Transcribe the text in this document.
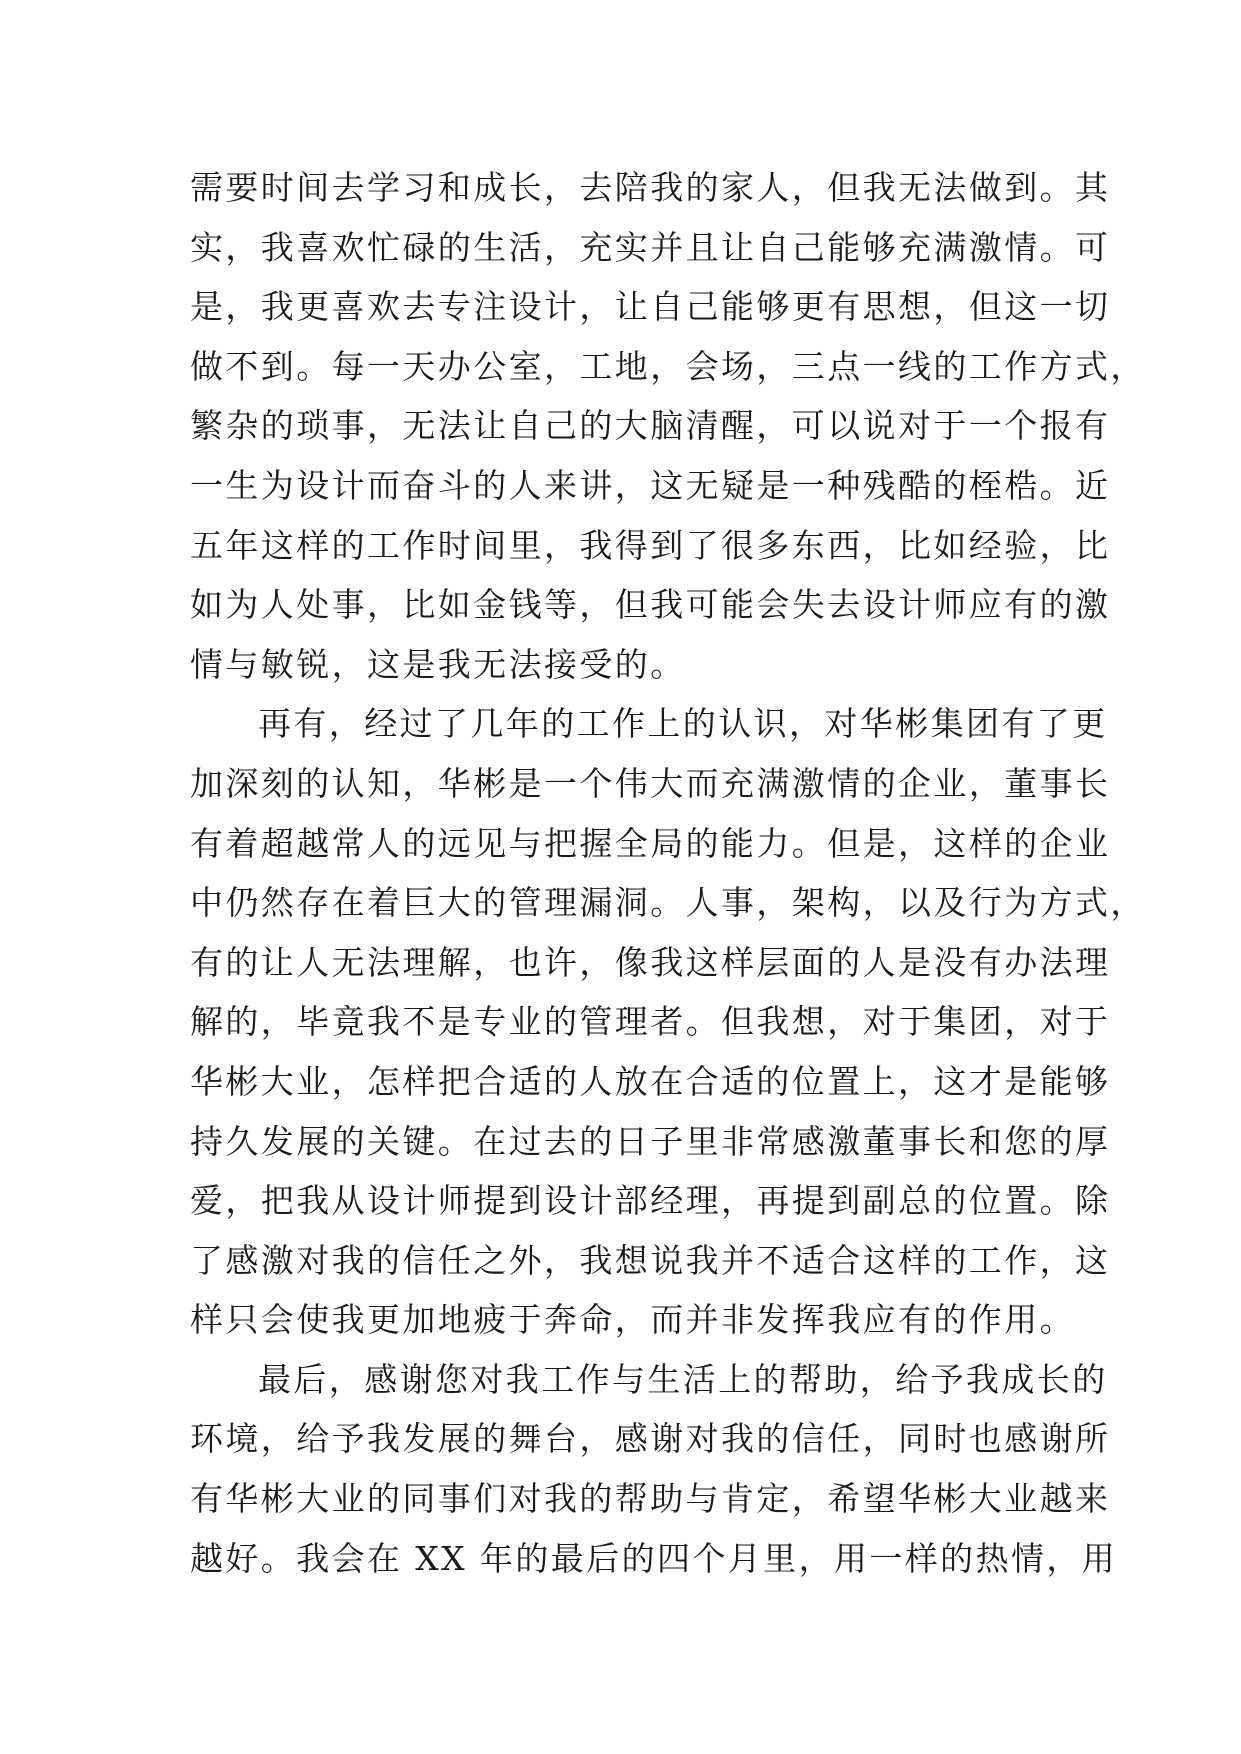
需要时间去学习和成长，去陪我的家人，但我无法做到。其
实，我喜欢忙碌的生活，充实并且让自己能够充满激情。可
是，我更喜欢去专注设计，让自己能够更有思想，但这一切
做不到。每一天办公室，工地，会场，三点一线的工作方式，
繁杂的琐事，无法让自己的大脑清醒，可以说对于一个报有
一生为设计而奋斗的人来讲，这无疑是一种残酷的桎梏。近
五年这样的工作时间里，我得到了很多东西，比如经验，比
如为人处事，比如金钱等，但我可能会失去设计师应有的激
情与敏锐，这是我无法接受的。
再有，经过了几年的工作上的认识，对华彬集团有了更
加深刻的认知，华彬是一个伟大而充满激情的企业，董事长
有着超越常人的远见与把握全局的能力。但是，这样的企业
中仍然存在着巨大的管理漏洞。人事，架构，以及行为方式，
有的让人无法理解，也许，像我这样层面的人是没有办法理
解的，毕竟我不是专业的管理者。但我想，对于集团，对于
华彬大业，怎样把合适的人放在合适的位置上，这才是能够
持久发展的关键。在过去的日子里非常感激董事长和您的厚
爱，把我从设计师提到设计部经理，再提到副总的位置。除
了感激对我的信任之外，我想说我并不适合这样的工作，这
样只会使我更加地疲于奔命，而并非发挥我应有的作用。
最后，感谢您对我工作与生活上的帮助，给予我成长的
环境，给予我发展的舞台，感谢对我的信任，同时也感谢所
有华彬大业的同事们对我的帮助与肯定，希望华彬大业越来
越好。我会在 XX 年的最后的四个月里，用一样的热情，用
